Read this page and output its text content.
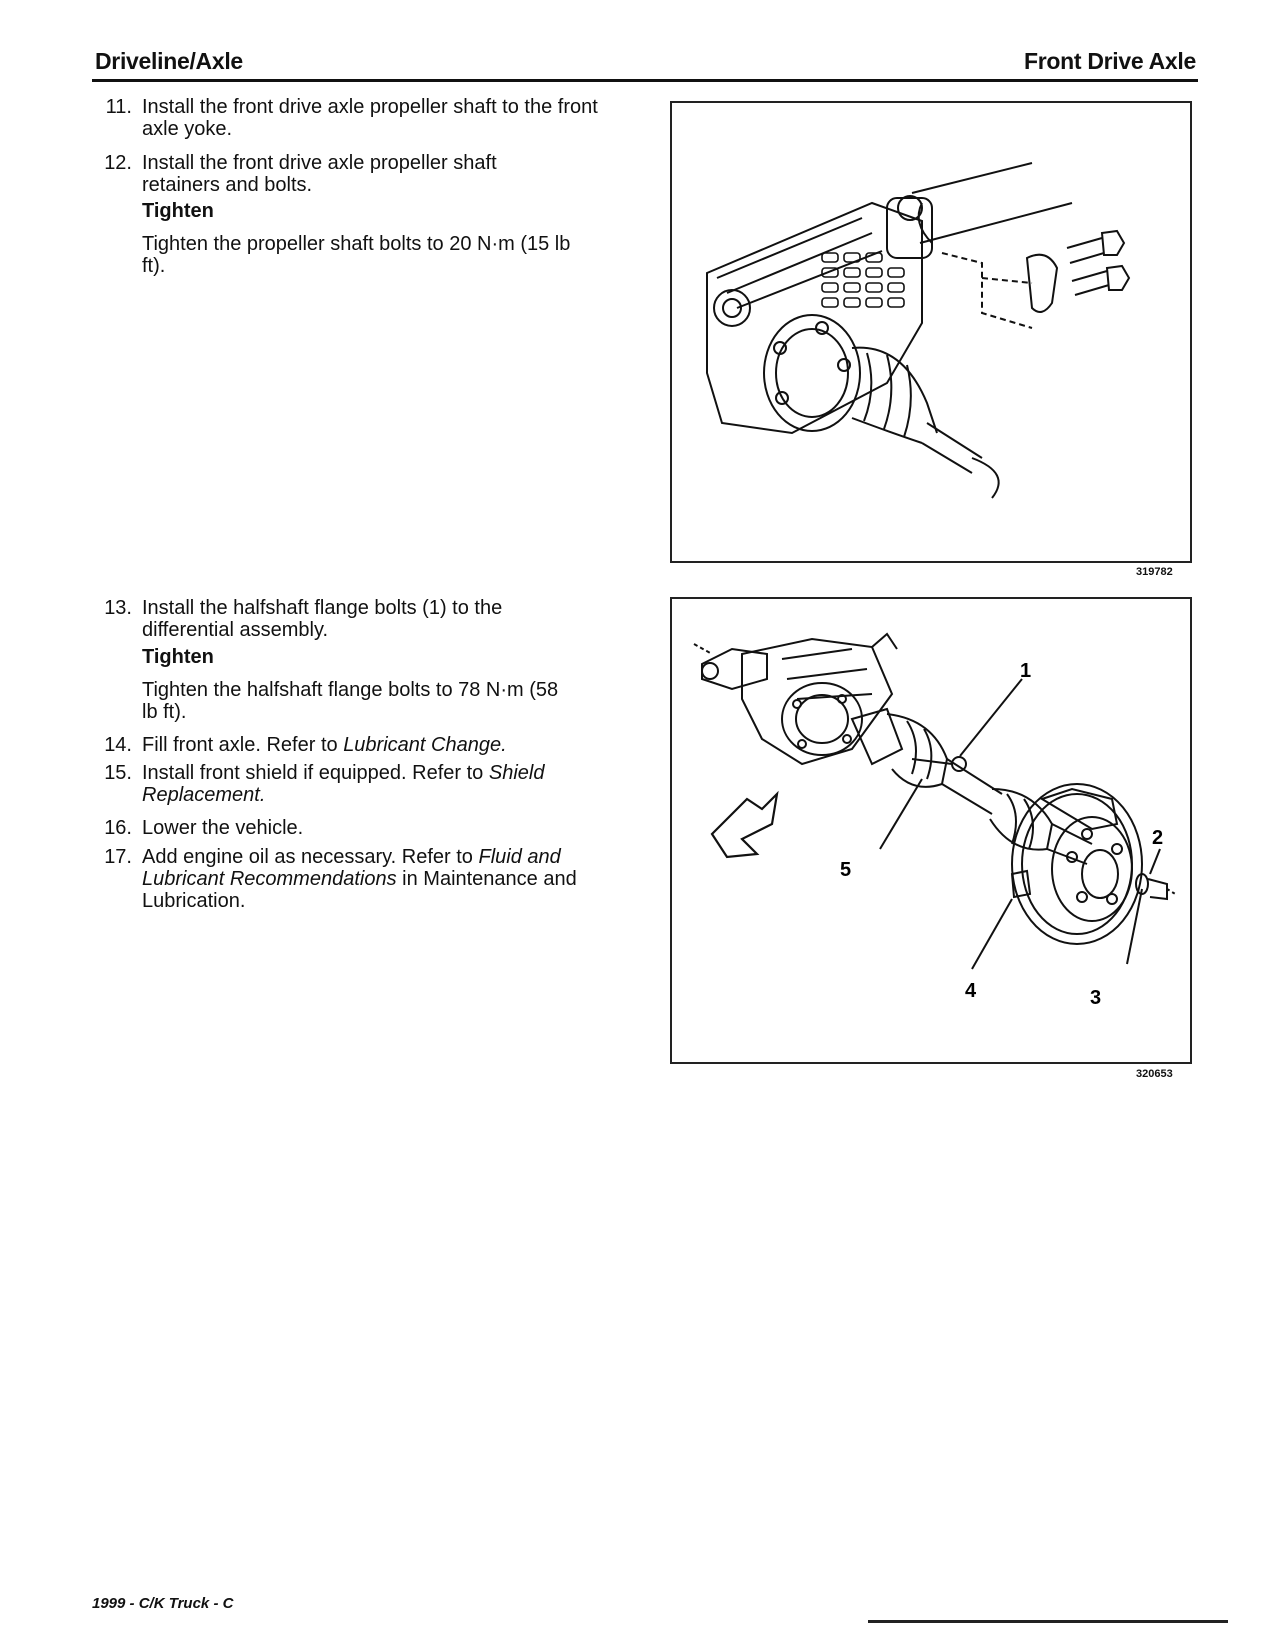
Driveline/Axle	Front Drive Axle
11. Install the front drive axle propeller shaft to the front axle yoke.
12. Install the front drive axle propeller shaft retainers and bolts.
Tighten
Tighten the propeller shaft bolts to 20 N·m (15 lb ft).
13. Install the halfshaft flange bolts (1) to the differential assembly.
Tighten
Tighten the halfshaft flange bolts to 78 N·m (58 lb ft).
14. Fill front axle. Refer to Lubricant Change.
15. Install front shield if equipped. Refer to Shield Replacement.
16. Lower the vehicle.
17. Add engine oil as necessary. Refer to Fluid and Lubricant Recommendations in Maintenance and Lubrication.
319782
1
2
3
4
5
320653
1999 - C/K Truck - C
